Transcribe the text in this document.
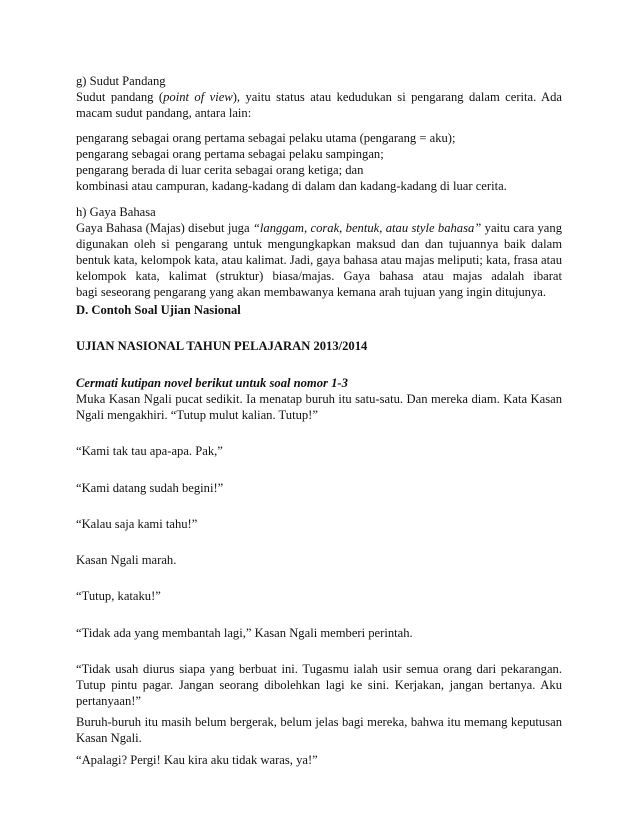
g) Sudut Pandang
Sudut pandang (point of view), yaitu status atau kedudukan si pengarang dalam cerita. Ada
macam sudut pandang, antara lain:
pengarang sebagai orang pertama sebagai pelaku utama (pengarang = aku);
pengarang sebagai orang pertama sebagai pelaku sampingan;
pengarang berada di luar cerita sebagai orang ketiga; dan
kombinasi atau campuran, kadang-kadang di dalam dan kadang-kadang di luar cerita.
h) Gaya Bahasa
Gaya Bahasa (Majas) disebut juga “langgam, corak, bentuk, atau style bahasa” yaitu cara yang
digunakan oleh si pengarang untuk mengungkapkan maksud dan dan tujuannya baik dalam
bentuk kata, kelompok kata, atau kalimat. Jadi, gaya bahasa atau majas meliputi; kata, frasa atau
kelompok kata, kalimat (struktur) biasa/majas. Gaya bahasa atau majas adalah ibarat
bagi seseorang pengarang yang akan membawanya kemana arah tujuan yang ingin ditujunya.
D. Contoh Soal Ujian Nasional
UJIAN NASIONAL TAHUN PELAJARAN 2013/2014
Cermati kutipan novel berikut untuk soal nomor 1-3
Muka Kasan Ngali pucat sedikit. Ia menatap buruh itu satu-satu. Dan mereka diam. Kata Kasan
Ngali mengakhiri. “Tutup mulut kalian. Tutup!”
“Kami tak tau apa-apa. Pak,”
“Kami datang sudah begini!”
“Kalau saja kami tahu!”
Kasan Ngali marah.
“Tutup, kataku!”
“Tidak ada yang membantah lagi,” Kasan Ngali memberi perintah.
“Tidak usah diurus siapa yang berbuat ini. Tugasmu ialah usir semua orang dari pekarangan.
Tutup pintu pagar. Jangan seorang dibolehkan lagi ke sini. Kerjakan, jangan bertanya. Aku
pertanyaan!”
Buruh-buruh itu masih belum bergerak, belum jelas bagi mereka, bahwa itu memang keputusan
Kasan Ngali.
“Apalagi? Pergi! Kau kira aku tidak waras, ya!”
